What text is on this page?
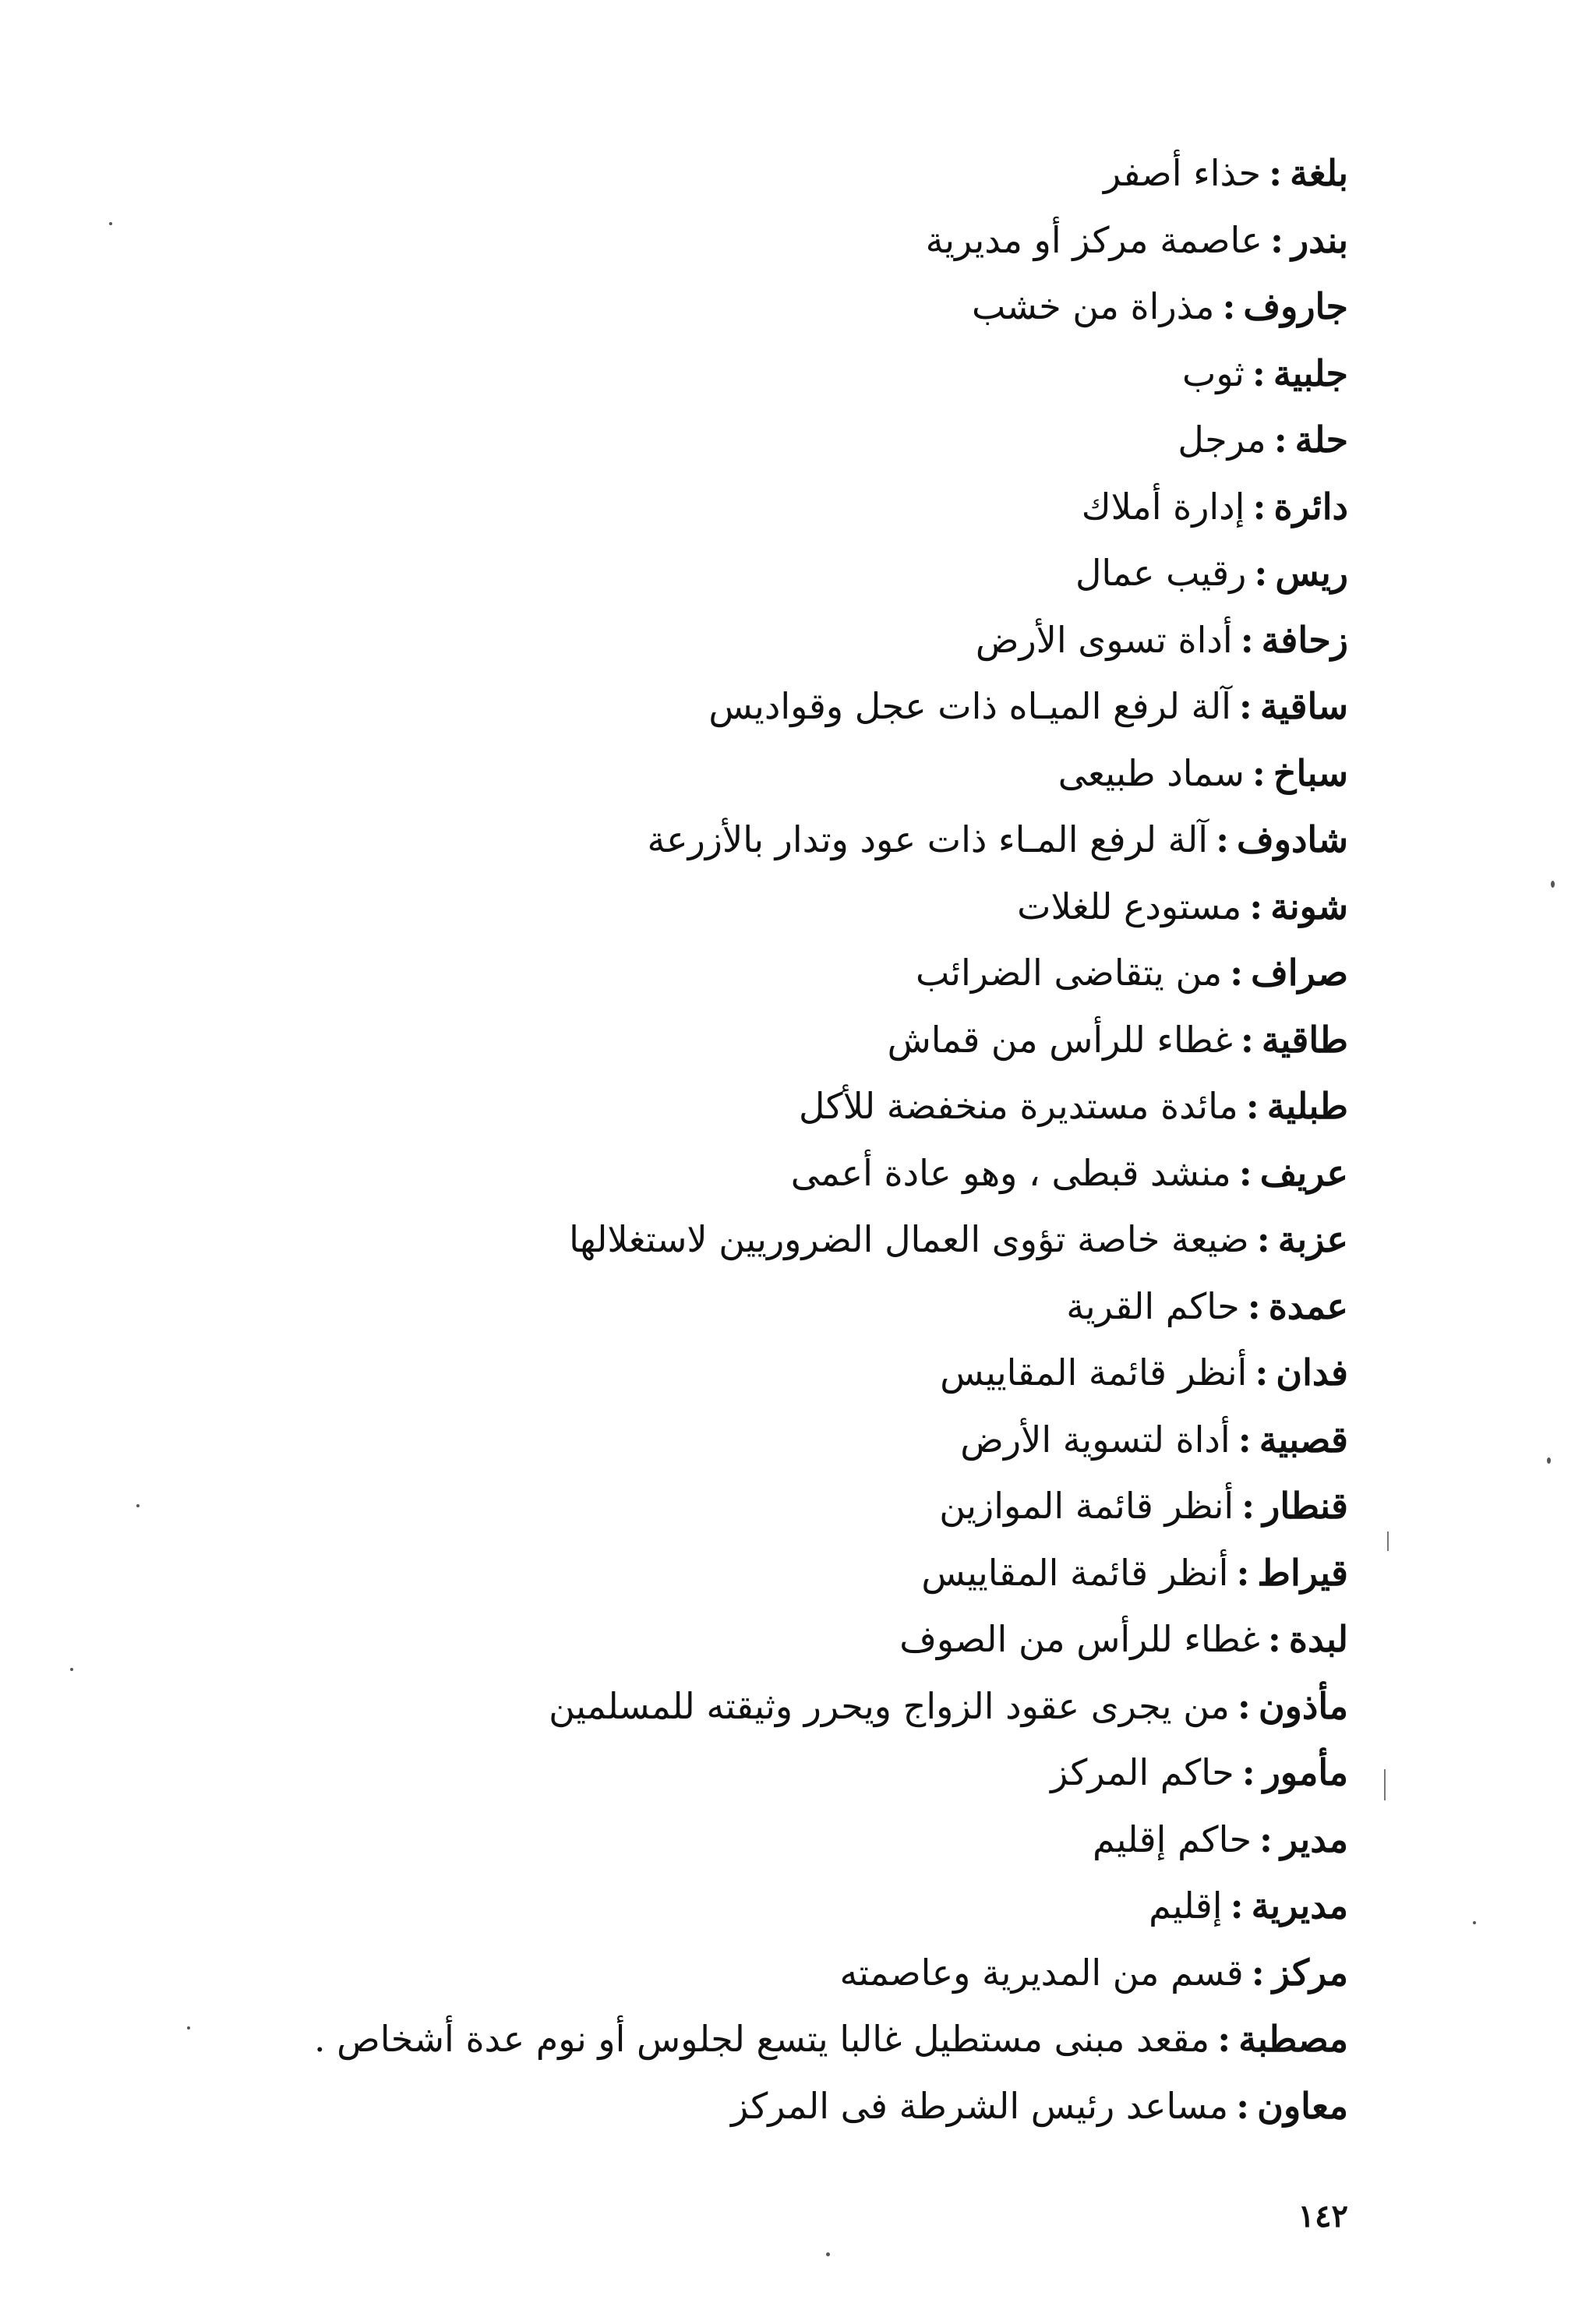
بلغة:حذاء أصفر
بندر:عاصمة مركز أو مديرية
جاروف:مذراة من خشب
جلبية:ثوب
حلة:مرجل
دائرة:إدارة أملاك
ريس:رقيب عمال
زحافة:أداة تسوى الأرض
ساقية:آلة لرفع الميـاه ذات عجل وقواديس
سباخ:سماد طبيعى
شادوف:آلة لرفع المـاء ذات عود وتدار بالأزرعة
شونة:مستودع للغلات
صراف:من يتقاضى الضرائب
طاقية:غطاء للرأس من قماش
طبلية:مائدة مستديرة منخفضة للأكل
عريف:منشد قبطى ، وهو عادة أعمى
عزبة:ضيعة خاصة تؤوى العمال الضروريين لاستغلالها
عمدة:حاكم القرية
فدان:أنظر قائمة المقاييس
قصبية:أداة لتسوية الأرض
قنطار:أنظر قائمة الموازين
قيراط:أنظر قائمة المقاييس
لبدة:غطاء للرأس من الصوف
مأذون:من يجرى عقود الزواج ويحرر وثيقته للمسلمين
مأمور:حاكم المركز
مدير:حاكم إقليم
مديرية:إقليم
مركز:قسم من المديرية وعاصمته
مصطبة:مقعد مبنى مستطيل غالبا يتسع لجلوس أو نوم عدة أشخاص .
معاون:مساعد رئيس الشرطة فى المركز
١٤٢
